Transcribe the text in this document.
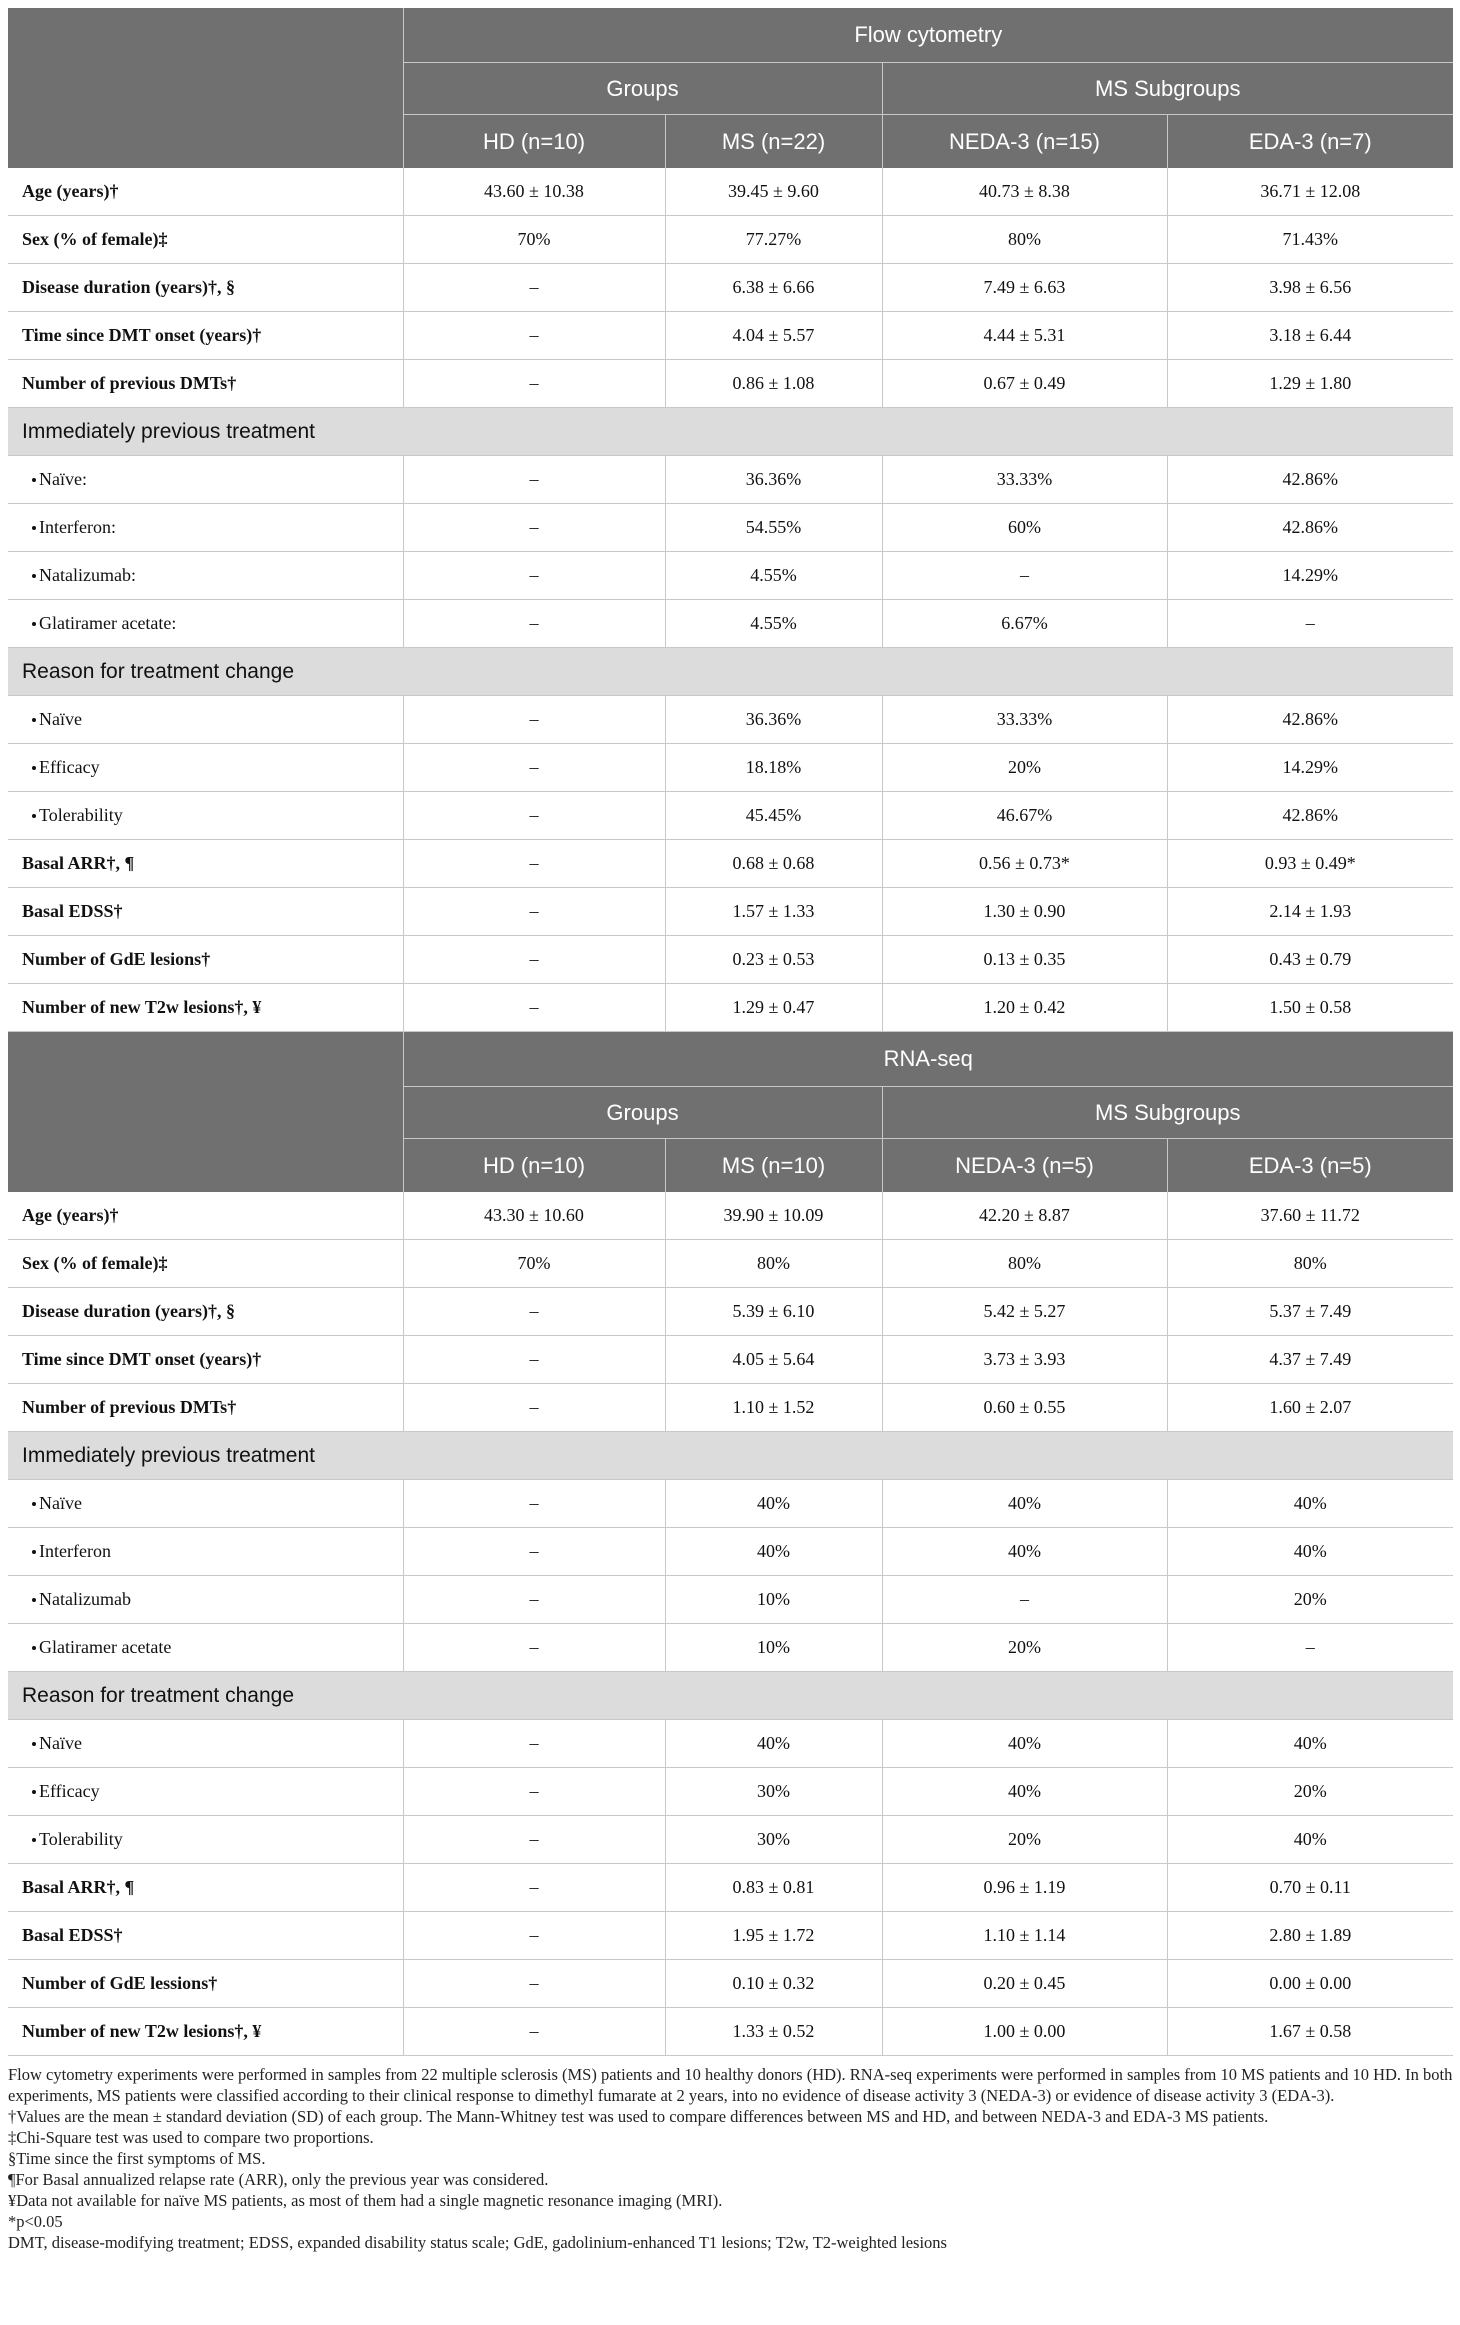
	Flow cytometry			
	Groups		MS Subgroups	
	HD (n=10)	MS (n=22)	NEDA-3 (n=15)	EDA-3 (n=7)
Age (years)†	43.60 ± 10.38	39.45 ± 9.60	40.73 ± 8.38	36.71 ± 12.08
Sex (% of female)‡	70%	77.27%	80%	71.43%
Disease duration (years)†, §	–	6.38 ± 6.66	7.49 ± 6.63	3.98 ± 6.56
Time since DMT onset (years)†	–	4.04 ± 5.57	4.44 ± 5.31	3.18 ± 6.44
Number of previous DMTs†	–	0.86 ± 1.08	0.67 ± 0.49	1.29 ± 1.80
Immediately previous treatment				
Naïve:	–	36.36%	33.33%	42.86%
Interferon:	–	54.55%	60%	42.86%
Natalizumab:	–	4.55%	–	14.29%
Glatiramer acetate:	–	4.55%	6.67%	–
Reason for treatment change				
Naïve	–	36.36%	33.33%	42.86%
Efficacy	–	18.18%	20%	14.29%
Tolerability	–	45.45%	46.67%	42.86%
Basal ARR†, ¶	–	0.68 ± 0.68	0.56 ± 0.73*	0.93 ± 0.49*
Basal EDSS†	–	1.57 ± 1.33	1.30 ± 0.90	2.14 ± 1.93
Number of GdE lesions†	–	0.23 ± 0.53	0.13 ± 0.35	0.43 ± 0.79
Number of new T2w lesions†, ¥	–	1.29 ± 0.47	1.20 ± 0.42	1.50 ± 0.58
	RNA-seq			
	Groups		MS Subgroups	
	HD (n=10)	MS (n=10)	NEDA-3 (n=5)	EDA-3 (n=5)
Age (years)†	43.30 ± 10.60	39.90 ± 10.09	42.20 ± 8.87	37.60 ± 11.72
Sex (% of female)‡	70%	80%	80%	80%
Disease duration (years)†, §	–	5.39 ± 6.10	5.42 ± 5.27	5.37 ± 7.49
Time since DMT onset (years)†	–	4.05 ± 5.64	3.73 ± 3.93	4.37 ± 7.49
Number of previous DMTs†	–	1.10 ± 1.52	0.60 ± 0.55	1.60 ± 2.07
Immediately previous treatment				
Naïve	–	40%	40%	40%
Interferon	–	40%	40%	40%
Natalizumab	–	10%	–	20%
Glatiramer acetate	–	10%	20%	–
Reason for treatment change				
Naïve	–	40%	40%	40%
Efficacy	–	30%	40%	20%
Tolerability	–	30%	20%	40%
Basal ARR†, ¶	–	0.83 ± 0.81	0.96 ± 1.19	0.70 ± 0.11
Basal EDSS†	–	1.95 ± 1.72	1.10 ± 1.14	2.80 ± 1.89
Number of GdE lessions†	–	0.10 ± 0.32	0.20 ± 0.45	0.00 ± 0.00
Number of new T2w lesions†, ¥	–	1.33 ± 0.52	1.00 ± 0.00	1.67 ± 0.58

Flow cytometry experiments were performed in samples from 22 multiple sclerosis (MS) patients and 10 healthy donors (HD). RNA-seq experiments were performed in samples from 10 MS patients and 10 HD. In both experiments, MS patients were classified according to their clinical response to dimethyl fumarate at 2 years, into no evidence of disease activity 3 (NEDA-3) or evidence of disease activity 3 (EDA-3).

†Values are the mean ± standard deviation (SD) of each group. The Mann-Whitney test was used to compare differences between MS and HD, and between NEDA-3 and EDA-3 MS patients.

‡Chi-Square test was used to compare two proportions.

§Time since the first symptoms of MS.

¶For Basal annualized relapse rate (ARR), only the previous year was considered.

¥Data not available for naïve MS patients, as most of them had a single magnetic resonance imaging (MRI).

*p<0.05

DMT, disease-modifying treatment; EDSS, expanded disability status scale; GdE, gadolinium-enhanced T1 lesions; T2w, T2-weighted lesions
